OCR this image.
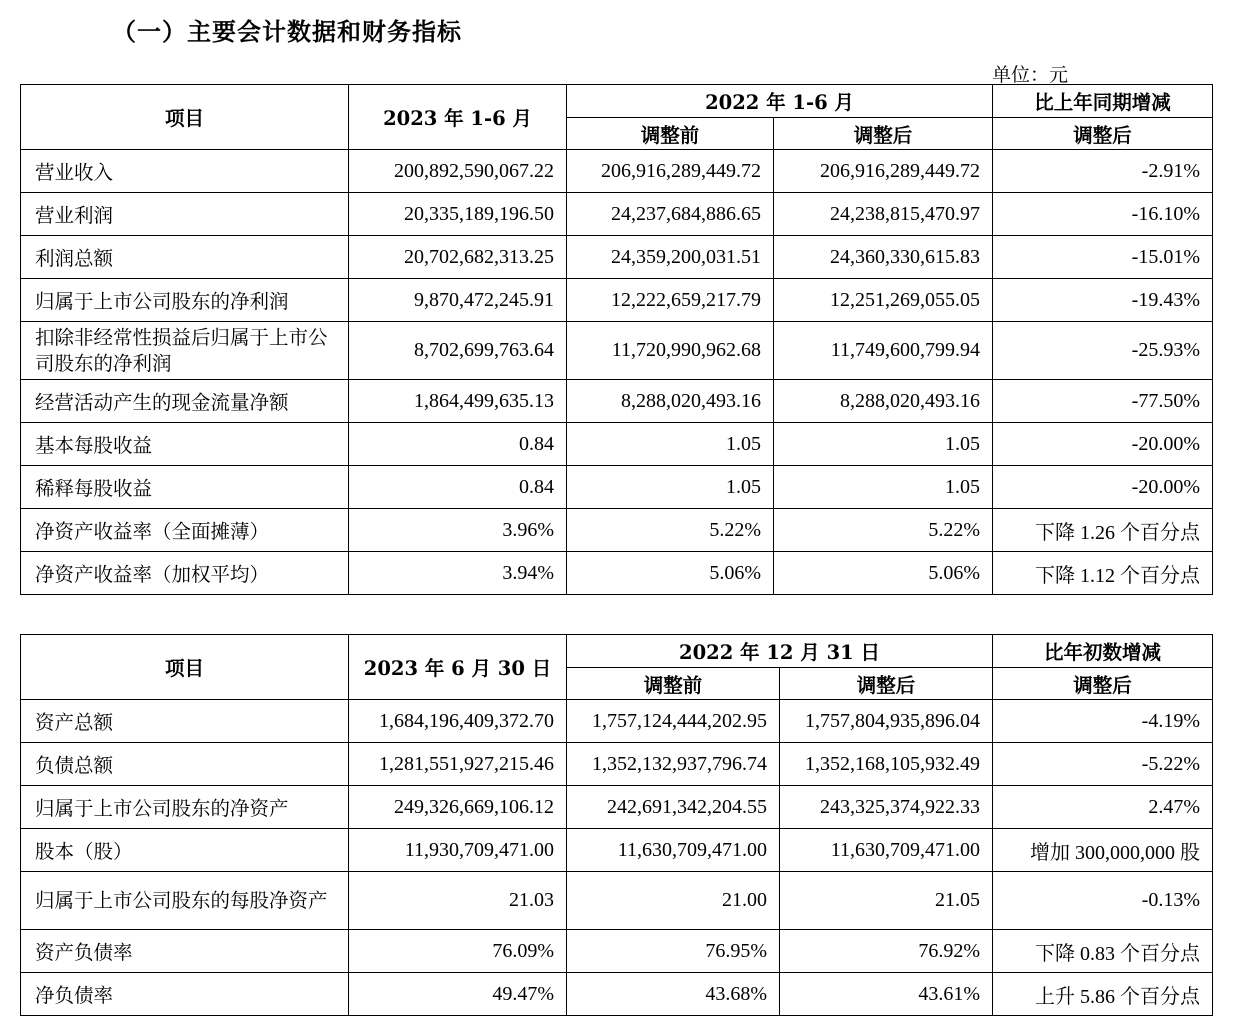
（一）主要会计数据和财务指标
单位：元
项目	2023 年 1-6 月	2022 年 1-6 月		比上年同期增减
		调整前	调整后	调整后
营业收入	200,892,590,067.22	206,916,289,449.72	206,916,289,449.72	-2.91%
营业利润	20,335,189,196.50	24,237,684,886.65	24,238,815,470.97	-16.10%
利润总额	20,702,682,313.25	24,359,200,031.51	24,360,330,615.83	-15.01%
归属于上市公司股东的净利润	9,870,472,245.91	12,222,659,217.79	12,251,269,055.05	-19.43%
扣除非经常性损益后归属于上市公司股东的净利润	8,702,699,763.64	11,720,990,962.68	11,749,600,799.94	-25.93%
经营活动产生的现金流量净额	1,864,499,635.13	8,288,020,493.16	8,288,020,493.16	-77.50%
基本每股收益	0.84	1.05	1.05	-20.00%
稀释每股收益	0.84	1.05	1.05	-20.00%
净资产收益率（全面摊薄）	3.96%	5.22%	5.22%	下降 1.26 个百分点
净资产收益率（加权平均）	3.94%	5.06%	5.06%	下降 1.12 个百分点
项目	2023 年 6 月 30 日	2022 年 12 月 31 日		比年初数增减
		调整前	调整后	调整后
资产总额	1,684,196,409,372.70	1,757,124,444,202.95	1,757,804,935,896.04	-4.19%
负债总额	1,281,551,927,215.46	1,352,132,937,796.74	1,352,168,105,932.49	-5.22%
归属于上市公司股东的净资产	249,326,669,106.12	242,691,342,204.55	243,325,374,922.33	2.47%
股本（股）	11,930,709,471.00	11,630,709,471.00	11,630,709,471.00	增加 300,000,000 股
归属于上市公司股东的每股净资产	21.03	21.00	21.05	-0.13%
资产负债率	76.09%	76.95%	76.92%	下降 0.83 个百分点
净负债率	49.47%	43.68%	43.61%	上升 5.86 个百分点
